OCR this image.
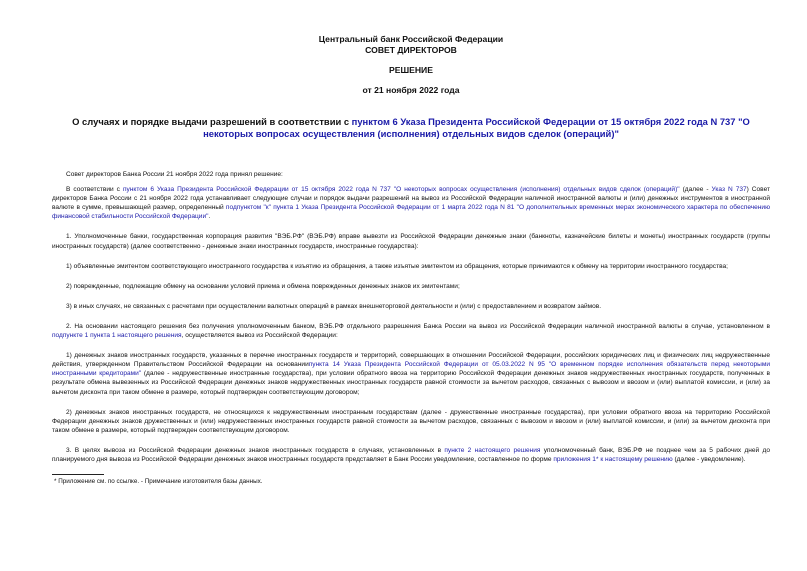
Центральный банк Российской Федерации
СОВЕТ ДИРЕКТОРОВ
РЕШЕНИЕ
от 21 ноября 2022 года
О случаях и порядке выдачи разрешений в соответствии с пунктом 6 Указа Президента Российской Федерации от 15 октября 2022 года N 737 "О некоторых вопросах осуществления (исполнения) отдельных видов сделок (операций)"

Совет директоров Банка России 21 ноября 2022 года принял решение:

В соответствии с пунктом 6 Указа Президента Российской Федерации от 15 октября 2022 года N 737 "О некоторых вопросах осуществления (исполнения) отдельных видов сделок (операций)" (далее - Указ N 737) Совет директоров Банка России с 21 ноября 2022 года устанавливает следующие случаи и порядок выдачи разрешений на вывоз из Российской Федерации наличной иностранной валюты и (или) денежных инструментов в иностранной валюте в сумме, превышающей размер, определенный подпунктом "к" пункта 1 Указа Президента Российской Федерации от 1 марта 2022 года N 81 "О дополнительных временных мерах экономического характера по обеспечению финансовой стабильности Российской Федерации".

1. Уполномоченные банки, государственная корпорация развития "ВЭБ.РФ" (ВЭБ.РФ) вправе вывезти из Российской Федерации денежные знаки (банкноты, казначейские билеты и монеты) иностранных государств (группы иностранных государств) (далее соответственно - денежные знаки иностранных государств, иностранные государства):

1) объявленные эмитентом соответствующего иностранного государства к изъятию из обращения, а также изъятые эмитентом из обращения, которые принимаются к обмену на территории иностранного государства;

2) поврежденные, подлежащие обмену на основании условий приема и обмена поврежденных денежных знаков их эмитентами;

3) в иных случаях, не связанных с расчетами при осуществлении валютных операций в рамках внешнеторговой деятельности и (или) с предоставлением и возвратом займов.

2. На основании настоящего решения без получения уполномоченным банком, ВЭБ.РФ отдельного разрешения Банка России на вывоз из Российской Федерации наличной иностранной валюты в случае, установленном в подпункте 1 пункта 1 настоящего решения, осуществляется вывоз из Российской Федерации:

1) денежных знаков иностранных государств, указанных в перечне иностранных государств и территорий, совершающих в отношении Российской Федерации, российских юридических лиц и физических лиц недружественные действия, утвержденном Правительством Российской Федерации на основаниипункта 14 Указа Президента Российской Федерации от 05.03.2022 N 95 "О временном порядке исполнения обязательств перед некоторыми иностранными кредиторами" (далее - недружественные иностранные государства), при условии обратного ввоза на территорию Российской Федерации денежных знаков недружественных иностранных государств, полученных в результате обмена вывезенных из Российской Федерации денежных знаков недружественных иностранных государств равной стоимости за вычетом расходов, связанных с вывозом и ввозом и (или) выплатой комиссии, и (или) за вычетом дисконта при таком обмене в размере, который подтвержден соответствующим договором;

2) денежных знаков иностранных государств, не относящихся к недружественным иностранным государствам (далее - дружественные иностранные государства), при условии обратного ввоза на территорию Российской Федерации денежных знаков дружественных и (или) недружественных иностранных государств равной стоимости за вычетом расходов, связанных с вывозом и ввозом и (или) выплатой комиссии, и (или) за вычетом дисконта при таком обмене в размере, который подтвержден соответствующим договором.

3. В целях вывоза из Российской Федерации денежных знаков иностранных государств в случаях, установленных в пункте 2 настоящего решения уполномоченный банк, ВЭБ.РФ не позднее чем за 5 рабочих дней до планируемого дня вывоза из Российской Федерации денежных знаков иностранных государств представляет в Банк России уведомление, составленное по форме приложения 1* к настоящему решению (далее - уведомление).

* Приложение см. по ссылке. - Примечание изготовителя базы данных.
